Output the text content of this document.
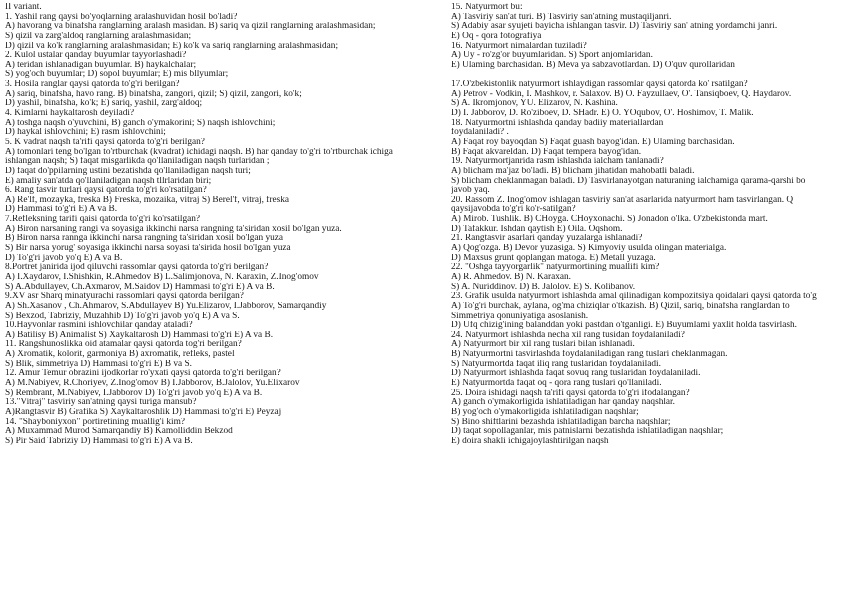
II variant.
1. Yashil rang qaysi bo'yoqlarning aralashuvidan hosil bo'ladi?
A) havorang va binafsha ranglarning aralash masidan. B) sariq va qizil ranglarning aralashmasidan;
S) qizil va zarg'aldoq ranglarning aralashmasidan;
D) qizil va ko'k ranglarning aralashmasidan; E) ko'k va sariq ranglarning aralashmasidan;
2. Kulol ustalar qanday buyumlar tayyorlashadi?
A) teridan ishlanadigan buyumlar. B) haykalchalar;
S) yog'och buyumlar; D) sopol buyumlar; E) mis bllyumlar;
3. Hosila ranglar qaysi qatorda to'g'ri berilgan?
A) sariq, binafsha, havo rang. B) binafsha, zangori, qizil; S) qizil, zangori, ko'k;
D) yashil, binafsha, ko'k; E) sariq, yashil, zarg'aldoq;
4. Kimlarni haykaltarosh deyiladi?
A) toshga naqsh o'yuvchini, B) ganch o'ymakorini; S) naqsh ishlovchini;
D) haykal ishlovchini; E) rasm ishlovchini;
5. K vadrat naqsh ta'rifi qaysi qatorda to'g'ri berilgan?
A) tomonlari teng bo'lgan to'rtburchak (kvadrat) ichidagi naqsh. B) har qanday to'g'ri to'rtburchak ichiga
ishlangan naqsh; S) faqat misgarlikda qo'llaniladigan naqsh turlaridan ;
D) faqat do'ppilarning ustini bezatishda qo'llaniladigan naqsh turi;
E) amaliy san'atda qo'llaniladigan naqsh tllrlaridan biri;
6. Rang tasvir turlari qaysi qatorda to'g'ri ko'rsatilgan?
A) Re'lf, mozayka, freska B) Freska, mozaika, vitraj S) Berel'f, vitraj, freska
D) Hammasi to'g'ri E) A va B.
7.Refleksning tarifi qaisi qatorda to'g'ri ko'rsatilgan?
A) Biron narsaning rangi va soyasiga ikkinchi narsa rangning ta'siridan xosil bo'lgan yuza.
B) Biron narsa rannga ikkinchi narsa rangning ta'siridan xosil bo'lgan yuza
S) Bir narsa yorug' soyasiga ikkinchi narsa soyasi ta'sirida hosil bo'lgan yuza
D) To'g'ri javob yo'q E) A va B.
8.Portret janirida ijod qiluvchi rassomlar qaysi qatorda to'g'ri berilgan?
A) I.Xaydarov, I.Shishkin, R.Ahmedov B) L.Salimjonova, N. Karaxin, Z.Inog'omov
S) A.Abdullayev, Ch.Axmarov, M.Saidov D) Hammasi to'g'ri E) A va B.
9.XV asr Sharq minatyurachi rassomlari qaysi qatorda berilgan?
A) Sh.Xasanov , Ch.Ahmarov, S.Abdullayev B) Yu.Elizarov, I.Jabborov, Samarqandiy
S) Bexzod, Tabriziy, Muzahhib D) To'g'ri javob yo'q E) A va S.
10.Hayvonlar rasmini ishlovchilar qanday ataladi?
A) Batilisy B) Animalist S) Xaykaltarosh D) Hammasi to'g'ri E) A va B.
11. Rangshunoslikka oid atamalar qaysi qatorda tog'ri berilgan?
A) Xromatik, kolorit, garmoniya B) axromatik, refleks, pastel
S) Blik, simmetriya D) Hammasi to'g'ri E) B va S.
12. Amur Temur obrazini ijodkorlar ro'yxati qaysi qatorda to'g'ri berilgan?
A) M.Nabiyev, R.Choriyev, Z.Inog'omov B) I.Jabborov, B.Jalolov, Yu.Elixarov
S) Rembrant, M.Nabiyev, I.Jabborov D) To'g'ri javob yo'q E) A va B.
13."Vitraj" tasviriy san'atning qaysi turiga mansub?
A)Rangtasvir B) Grafika S) Xaykaltaroshlik D) Hammasi to'g'ri E) Peyzaj
14. "Shayboniyxon" portiretining muallig'i kim?
A) Muxammad Murod Samarqandiy B) Kamolliddin Bekzod
S) Pir Said Tabriziy D) Hammasi to'g'ri E) A va B.
15. Natyurmort bu:
A) Tasviriy san'at turi. B) Tasviriy san'atning mustaqiljanri.
S) Adabiy asar syujeti bayicha ishlangan tasvir. D) Tasviriy san' atning yordamchi janri.
E) Oq - qora fotografiya
16. Natyurmort nimalardan tuziladi?
A) Uy - ro'zg'or buyumlaridan. S) Sport anjomlaridan.
E) Ulaming barchasidan. B) Meva ya sabzavotlardan. D) O'quv qurollaridan

17.O'zbekistonlik natyurmort ishlaydigan rassomlar qaysi qatorda ko' rsatilgan?
A) Petrov - Vodkin, I. Mashkov, r. Salaxov. B) O. Fayzullaev, O'. Tansiqboev, Q. Haydarov.
S) A. Ikromjonov, YU. Elizarov, N. Kashina.
D) I. Jabborov, D. Ro'ziboev, D. SHadr. E) O. YOqubov, O'. Hoshimov, T. Malik.
18. Natyurmortni ishlashda qanday badiiy materiallardan
foydalaniladi? .
A) Faqat roy bayoqdan S) Faqat guash bayog'idan. E) Ulaming barchasidan.
B) Faqat akvareldan. D) Faqat tempera bayog'idan.
19. Natyurmortjanrida rasm ishlashda ialcham tanlanadi?
A) blicham ma'jaz bo'ladi. B) blicham jihatidan mahobatli baladi.
S) blicham cheklanmagan baladi. D) Tasvirlanayotgan naturaning ialchamiga qarama-qarshi bo
javob yaq.
20. Rassom Z. Inog'omov ishlagan tasviriy san'at asarlarida natyurmort ham tasvirlangan. Q
qaysijavobda to'g'ri ko'r-satilgan?
A) Mirob. Tushlik. B) CHoyga. CHoyxonachi. S) Jonadon o'lka. O'zbekistonda mart.
D) Tafakkur. Ishdan qaytish E) Oila. Oqshom.
21. Rangtasvir asarlari qanday yuzalarga ishlanadi?
A) Qog'ozga. B) Devor yuzasiga. S) Kimyoviy usulda olingan materialga.
D) Maxsus grunt qoplangan matoga. E) Metall yuzaga.
22. "Oshga tayyorgarlik" natyurmortining muallifi kim?
A) R. Ahmedov. B) N. Karaxan.
S) A. Nuriddinov. D) B. Jalolov. E) S. Kolibanov.
23. Grafik usulda natyurmort ishlashda amal qilinadigan kompozitsiya qoidalari qaysi qatorda to'g
A) To'g'ri burchak, aylana, og'ma chiziqlar o'tkazish. B) Qizil, sariq, binafsha ranglardan to
Simmetriya qonuniyatiga asoslanish.
D) Ufq chizig'ining balanddan yoki pastdan o'tganligi. E) Buyumlami yaxlit holda tasvirlash.
24. Natyurmort ishlashda necha xil rang tusidan foydalaniladi?
A) Natyurmort bir xil rang tuslari bilan ishlanadi.
B) Natyurmortni tasvirlashda foydalaniladigan rang tuslari cheklanmagan.
S) Natyurmortda faqat iliq rang tuslaridan foydalaniladi.
D) Natyurmort ishlashda faqat sovuq rang tuslaridan foydalaniladi.
E) Natyurmortda faqat oq - qora rang tuslari qo'llaniladi.
25. Doira ishidagi naqsh ta'rifi qaysi qatorda to'g'ri ifodalangan?
A) ganch o'ymakorligida ishlatiladigan har qanday naqshlar.
B) yog'och o'ymakorligida ishlatiladigan naqshlar;
S) Bino shiftlarini bezashda ishlatiladigan barcha naqshlar;
D) taqat sopollaganlar, mis patnislarni bezatishda ishlatiladigan naqshlar;
E) doira shakli ichigajoylashtirilgan naqsh
